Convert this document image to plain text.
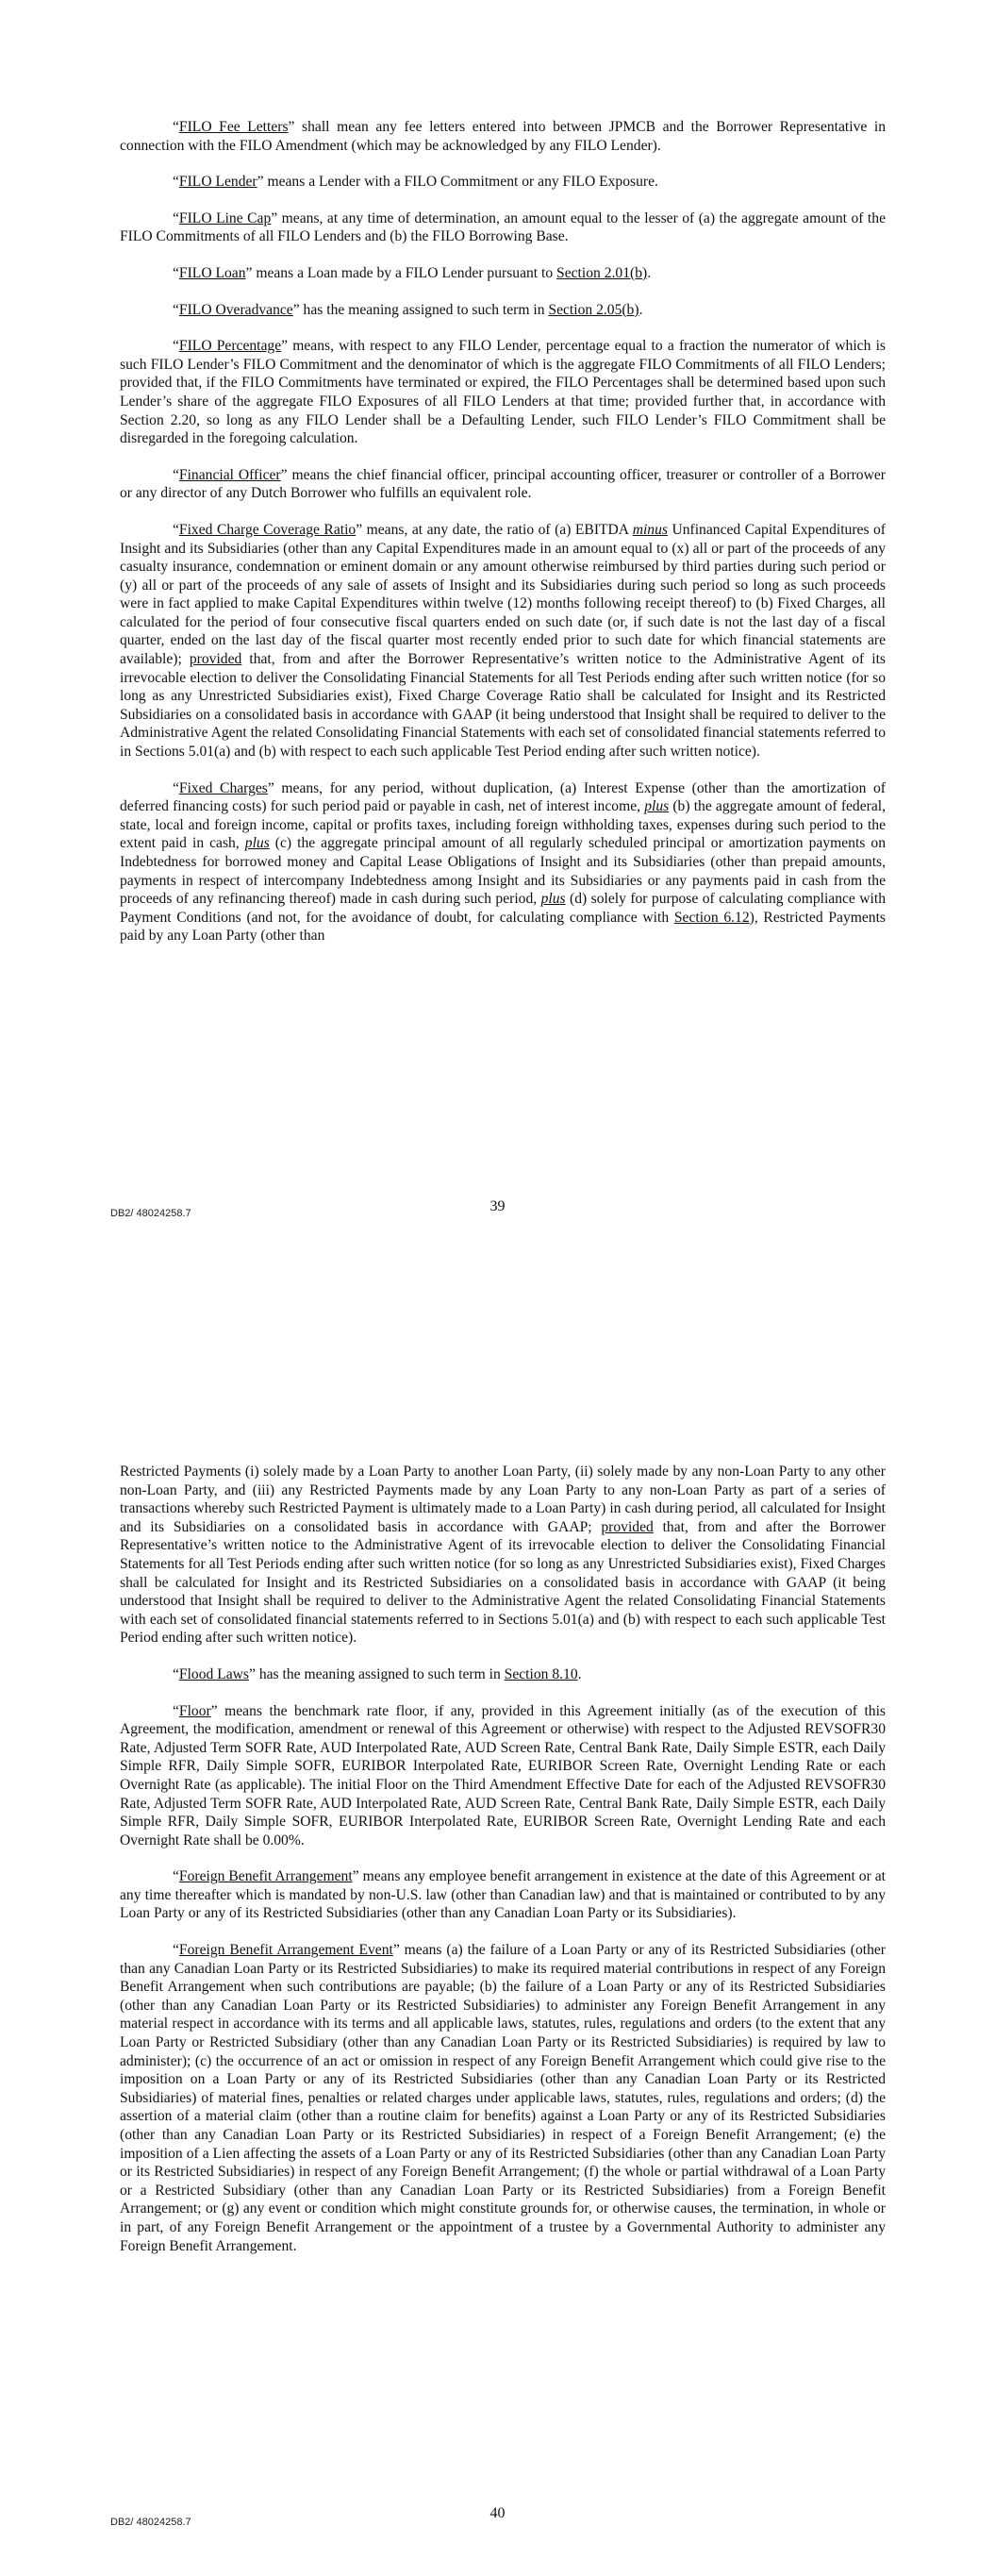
“FILO Fee Letters” shall mean any fee letters entered into between JPMCB and the Borrower Representative in connection with the FILO Amendment (which may be acknowledged by any FILO Lender).

“FILO Lender” means a Lender with a FILO Commitment or any FILO Exposure.

“FILO Line Cap” means, at any time of determination, an amount equal to the lesser of (a) the aggregate amount of the FILO Commitments of all FILO Lenders and (b) the FILO Borrowing Base.

“FILO Loan” means a Loan made by a FILO Lender pursuant to Section 2.01(b).

“FILO Overadvance” has the meaning assigned to such term in Section 2.05(b).

“FILO Percentage” means, with respect to any FILO Lender, percentage equal to a fraction the numerator of which is such FILO Lender’s FILO Commitment and the denominator of which is the aggregate FILO Commitments of all FILO Lenders; provided that, if the FILO Commitments have terminated or expired, the FILO Percentages shall be determined based upon such Lender’s share of the aggregate FILO Exposures of all FILO Lenders at that time; provided further that, in accordance with Section 2.20, so long as any FILO Lender shall be a Defaulting Lender, such FILO Lender’s FILO Commitment shall be disregarded in the foregoing calculation.

“Financial Officer” means the chief financial officer, principal accounting officer, treasurer or controller of a Borrower or any director of any Dutch Borrower who fulfills an equivalent role.

“Fixed Charge Coverage Ratio” means, at any date, the ratio of (a) EBITDA minus Unfinanced Capital Expenditures of Insight and its Subsidiaries (other than any Capital Expenditures made in an amount equal to (x) all or part of the proceeds of any casualty insurance, condemnation or eminent domain or any amount otherwise reimbursed by third parties during such period or (y) all or part of the proceeds of any sale of assets of Insight and its Subsidiaries during such period so long as such proceeds were in fact applied to make Capital Expenditures within twelve (12) months following receipt thereof) to (b) Fixed Charges, all calculated for the period of four consecutive fiscal quarters ended on such date (or, if such date is not the last day of a fiscal quarter, ended on the last day of the fiscal quarter most recently ended prior to such date for which financial statements are available); provided that, from and after the Borrower Representative’s written notice to the Administrative Agent of its irrevocable election to deliver the Consolidating Financial Statements for all Test Periods ending after such written notice (for so long as any Unrestricted Subsidiaries exist), Fixed Charge Coverage Ratio shall be calculated for Insight and its Restricted Subsidiaries on a consolidated basis in accordance with GAAP (it being understood that Insight shall be required to deliver to the Administrative Agent the related Consolidating Financial Statements with each set of consolidated financial statements referred to in Sections 5.01(a) and (b) with respect to each such applicable Test Period ending after such written notice).

“Fixed Charges” means, for any period, without duplication, (a) Interest Expense (other than the amortization of deferred financing costs) for such period paid or payable in cash, net of interest income, plus (b) the aggregate amount of federal, state, local and foreign income, capital or profits taxes, including foreign withholding taxes, expenses during such period to the extent paid in cash, plus (c) the aggregate principal amount of all regularly scheduled principal or amortization payments on Indebtedness for borrowed money and Capital Lease Obligations of Insight and its Subsidiaries (other than prepaid amounts, payments in respect of intercompany Indebtedness among Insight and its Subsidiaries or any payments paid in cash from the proceeds of any refinancing thereof) made in cash during such period, plus (d) solely for purpose of calculating compliance with Payment Conditions (and not, for the avoidance of doubt, for calculating compliance with Section 6.12), Restricted Payments paid by any Loan Party (other than

DB2/ 48024258.7	39

Restricted Payments (i) solely made by a Loan Party to another Loan Party, (ii) solely made by any non-Loan Party to any other non-Loan Party, and (iii) any Restricted Payments made by any Loan Party to any non-Loan Party as part of a series of transactions whereby such Restricted Payment is ultimately made to a Loan Party) in cash during period, all calculated for Insight and its Subsidiaries on a consolidated basis in accordance with GAAP; provided that, from and after the Borrower Representative’s written notice to the Administrative Agent of its irrevocable election to deliver the Consolidating Financial Statements for all Test Periods ending after such written notice (for so long as any Unrestricted Subsidiaries exist), Fixed Charges shall be calculated for Insight and its Restricted Subsidiaries on a consolidated basis in accordance with GAAP (it being understood that Insight shall be required to deliver to the Administrative Agent the related Consolidating Financial Statements with each set of consolidated financial statements referred to in Sections 5.01(a) and (b) with respect to each such applicable Test Period ending after such written notice).

“Flood Laws” has the meaning assigned to such term in Section 8.10.

“Floor” means the benchmark rate floor, if any, provided in this Agreement initially (as of the execution of this Agreement, the modification, amendment or renewal of this Agreement or otherwise) with respect to the Adjusted REVSOFR30 Rate, Adjusted Term SOFR Rate, AUD Interpolated Rate, AUD Screen Rate, Central Bank Rate, Daily Simple ESTR, each Daily Simple RFR, Daily Simple SOFR, EURIBOR Interpolated Rate, EURIBOR Screen Rate, Overnight Lending Rate or each Overnight Rate (as applicable). The initial Floor on the Third Amendment Effective Date for each of the Adjusted REVSOFR30 Rate, Adjusted Term SOFR Rate, AUD Interpolated Rate, AUD Screen Rate, Central Bank Rate, Daily Simple ESTR, each Daily Simple RFR, Daily Simple SOFR, EURIBOR Interpolated Rate, EURIBOR Screen Rate, Overnight Lending Rate and each Overnight Rate shall be 0.00%.

“Foreign Benefit Arrangement” means any employee benefit arrangement in existence at the date of this Agreement or at any time thereafter which is mandated by non-U.S. law (other than Canadian law) and that is maintained or contributed to by any Loan Party or any of its Restricted Subsidiaries (other than any Canadian Loan Party or its Subsidiaries).

“Foreign Benefit Arrangement Event” means (a) the failure of a Loan Party or any of its Restricted Subsidiaries (other than any Canadian Loan Party or its Restricted Subsidiaries) to make its required material contributions in respect of any Foreign Benefit Arrangement when such contributions are payable; (b) the failure of a Loan Party or any of its Restricted Subsidiaries (other than any Canadian Loan Party or its Restricted Subsidiaries) to administer any Foreign Benefit Arrangement in any material respect in accordance with its terms and all applicable laws, statutes, rules, regulations and orders (to the extent that any Loan Party or Restricted Subsidiary (other than any Canadian Loan Party or its Restricted Subsidiaries) is required by law to administer); (c) the occurrence of an act or omission in respect of any Foreign Benefit Arrangement which could give rise to the imposition on a Loan Party or any of its Restricted Subsidiaries (other than any Canadian Loan Party or its Restricted Subsidiaries) of material fines, penalties or related charges under applicable laws, statutes, rules, regulations and orders; (d) the assertion of a material claim (other than a routine claim for benefits) against a Loan Party or any of its Restricted Subsidiaries (other than any Canadian Loan Party or its Restricted Subsidiaries) in respect of a Foreign Benefit Arrangement; (e) the imposition of a Lien affecting the assets of a Loan Party or any of its Restricted Subsidiaries (other than any Canadian Loan Party or its Restricted Subsidiaries) in respect of any Foreign Benefit Arrangement; (f) the whole or partial withdrawal of a Loan Party or a Restricted Subsidiary (other than any Canadian Loan Party or its Restricted Subsidiaries) from a Foreign Benefit Arrangement; or (g) any event or condition which might constitute grounds for, or otherwise causes, the termination, in whole or in part, of any Foreign Benefit Arrangement or the appointment of a trustee by a Governmental Authority to administer any Foreign Benefit Arrangement.

DB2/ 48024258.7
40
